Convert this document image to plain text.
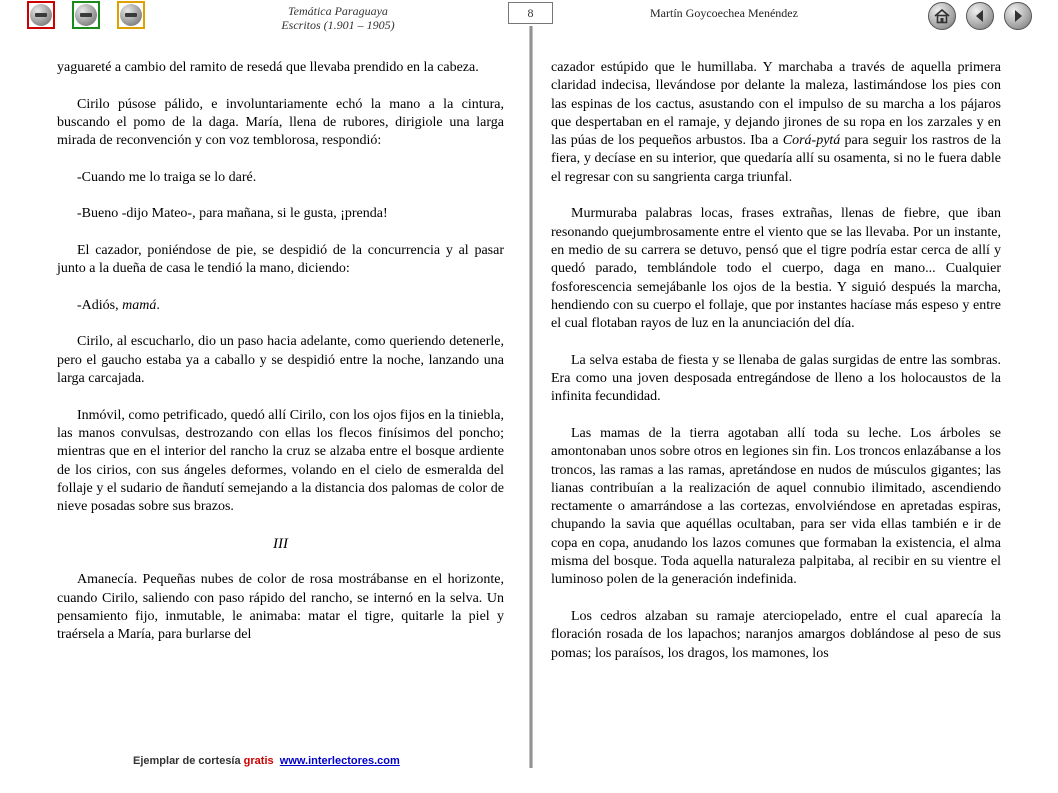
Temática Paraguaya
Escritos (1.901 – 1905)
8	Martín Goycoechea Menéndez

yaguareté a cambio del ramito de resedá que llevaba prendido en la cabeza.

Cirilo púsose pálido, e involuntariamente echó la mano a la cintura, buscando el pomo de la daga. María, llena de rubores, dirigiole una larga mirada de reconvención y con voz temblorosa, respondió:

-Cuando me lo traiga se lo daré.

-Bueno -dijo Mateo-, para mañana, si le gusta, ¡prenda!

El cazador, poniéndose de pie, se despidió de la concurrencia y al pasar junto a la dueña de casa le tendió la mano, diciendo:

-Adiós, mamá.

Cirilo, al escucharlo, dio un paso hacia adelante, como queriendo detenerle, pero el gaucho estaba ya a caballo y se despidió entre la noche, lanzando una larga carcajada.

Inmóvil, como petrificado, quedó allí Cirilo, con los ojos fijos en la tiniebla, las manos convulsas, destrozando con ellas los flecos finísimos del poncho; mientras que en el interior del rancho la cruz se alzaba entre el bosque ardiente de los cirios, con sus ángeles deformes, volando en el cielo de esmeralda del follaje y el sudario de ñandutí semejando a la distancia dos palomas de color de nieve posadas sobre sus brazos.

III

Amanecía. Pequeñas nubes de color de rosa mostrábanse en el horizonte, cuando Cirilo, saliendo con paso rápido del rancho, se internó en la selva. Un pensamiento fijo, inmutable, le animaba: matar el tigre, quitarle la piel y traérsela a María, para burlarse del

cazador estúpido que le humillaba. Y marchaba a través de aquella primera claridad indecisa, llevándose por delante la maleza, lastimándose los pies con las espinas de los cactus, asustando con el impulso de su marcha a los pájaros que despertaban en el ramaje, y dejando jirones de su ropa en los zarzales y en las púas de los pequeños arbustos. Iba a Corá-pytá para seguir los rastros de la fiera, y decíase en su interior, que quedaría allí su osamenta, si no le fuera dable el regresar con su sangrienta carga triunfal.

Murmuraba palabras locas, frases extrañas, llenas de fiebre, que iban resonando quejumbrosamente entre el viento que se las llevaba. Por un instante, en medio de su carrera se detuvo, pensó que el tigre podría estar cerca de allí y quedó parado, temblándole todo el cuerpo, daga en mano... Cualquier fosforescencia semejábanle los ojos de la bestia. Y siguió después la marcha, hendiendo con su cuerpo el follaje, que por instantes hacíase más espeso y entre el cual flotaban rayos de luz en la anunciación del día.

La selva estaba de fiesta y se llenaba de galas surgidas de entre las sombras. Era como una joven desposada entregándose de lleno a los holocaustos de la infinita fecundidad.

Las mamas de la tierra agotaban allí toda su leche. Los árboles se amontonaban unos sobre otros en legiones sin fin. Los troncos enlazábanse a los troncos, las ramas a las ramas, apretándose en nudos de músculos gigantes; las lianas contribuían a la realización de aquel connubio ilimitado, ascendiendo rectamente o amarrándose a las cortezas, envolviéndose en apretadas espiras, chupando la savia que aquéllas ocultaban, para ser vida ellas también e ir de copa en copa, anudando los lazos comunes que formaban la existencia, el alma misma del bosque. Toda aquella naturaleza palpitaba, al recibir en su vientre el luminoso polen de la generación indefinida.

Los cedros alzaban su ramaje aterciopelado, entre el cual aparecía la floración rosada de los lapachos; naranjos amargos doblándose al peso de sus pomas; los paraísos, los dragos, los mamones, los

Ejemplar de cortesía gratis www.interlectores.com
